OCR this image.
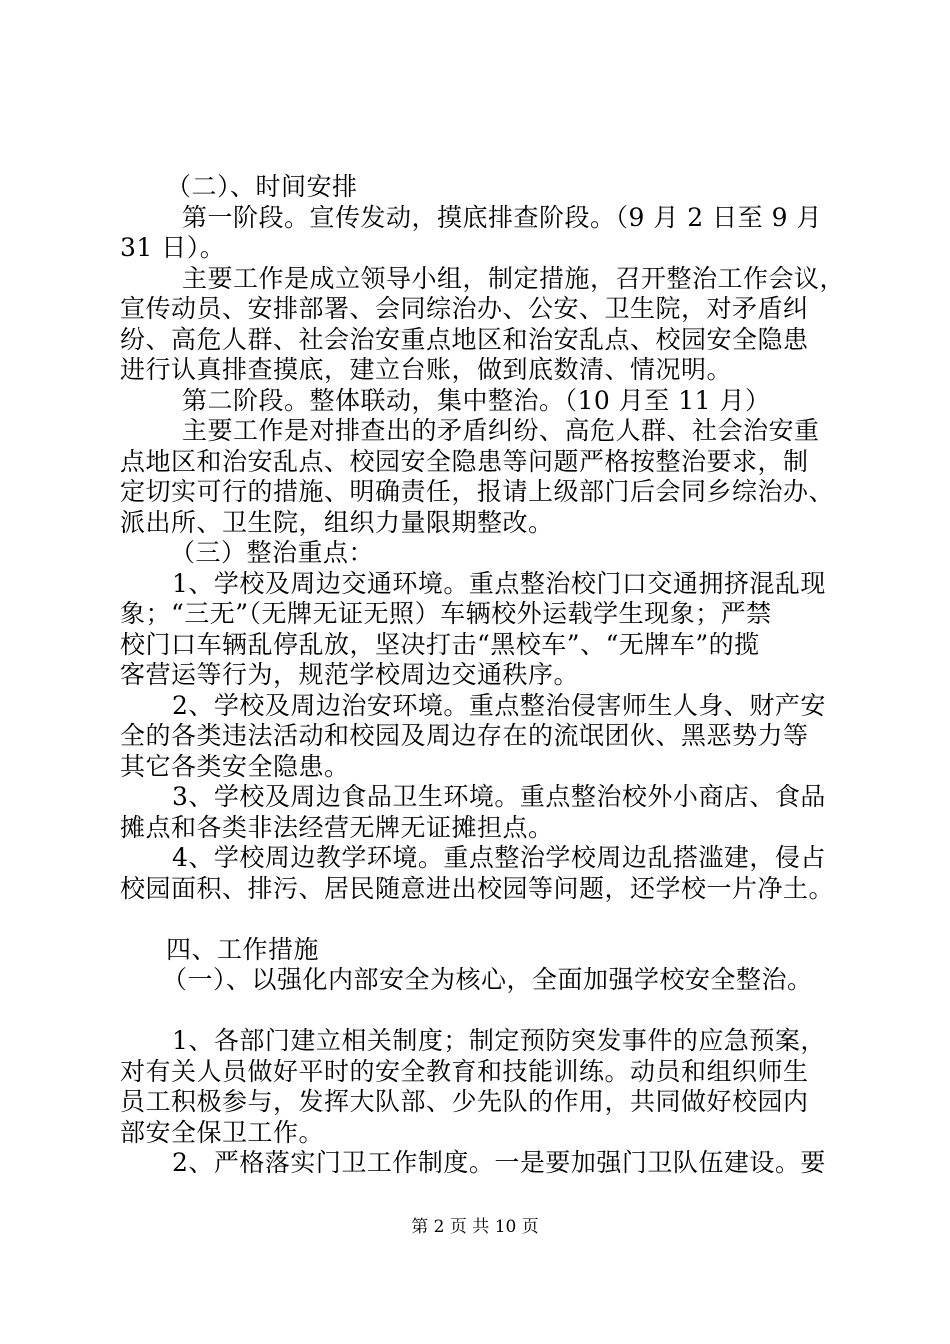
（二）、时间安排
第一阶段。宣传发动，摸底排查阶段。（9 月 2 日至 9 月
31 日）。
主要工作是成立领导小组，制定措施，召开整治工作会议，
宣传动员、安排部署、会同综治办、公安、卫生院，对矛盾纠
纷、高危人群、社会治安重点地区和治安乱点、校园安全隐患
进行认真排查摸底，建立台账，做到底数清、情况明。
第二阶段。整体联动，集中整治。（10 月至 11 月）
主要工作是对排查出的矛盾纠纷、高危人群、社会治安重
点地区和治安乱点、校园安全隐患等问题严格按整治要求，制
定切实可行的措施、明确责任，报请上级部门后会同乡综治办、
派出所、卫生院，组织力量限期整改。
（三）整治重点：
1、学校及周边交通环境。重点整治校门口交通拥挤混乱现
象；“三无”（无牌无证无照）车辆校外运载学生现象；严禁
校门口车辆乱停乱放，坚决打击“黑校车”、“无牌车”的揽
客营运等行为，规范学校周边交通秩序。
2、学校及周边治安环境。重点整治侵害师生人身、财产安
全的各类违法活动和校园及周边存在的流氓团伙、黑恶势力等
其它各类安全隐患。
3、学校及周边食品卫生环境。重点整治校外小商店、食品
摊点和各类非法经营无牌无证摊担点。
4、学校周边教学环境。重点整治学校周边乱搭滥建，侵占
校园面积、排污、居民随意进出校园等问题，还学校一片净土。
四、工作措施
（一）、以强化内部安全为核心，全面加强学校安全整治。
1、各部门建立相关制度；制定预防突发事件的应急预案，
对有关人员做好平时的安全教育和技能训练。动员和组织师生
员工积极参与，发挥大队部、少先队的作用，共同做好校园内
部安全保卫工作。
2、严格落实门卫工作制度。一是要加强门卫队伍建设。要
第 2 页 共 10 页
